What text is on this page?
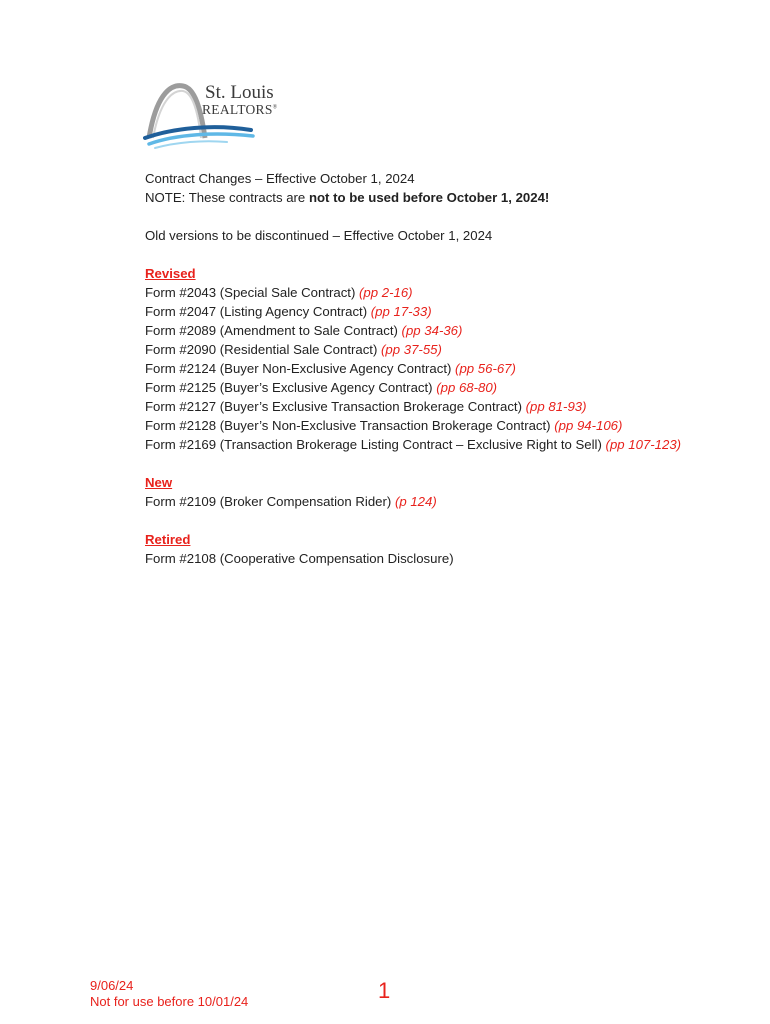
St. Louis
REALTORS®
Contract Changes – Effective October 1, 2024
NOTE: These contracts are not to be used before October 1, 2024!
Old versions to be discontinued – Effective October 1, 2024
Revised
Form #2043 (Special Sale Contract) (pp 2-16)
Form #2047 (Listing Agency Contract) (pp 17-33)
Form #2089 (Amendment to Sale Contract) (pp 34-36)
Form #2090 (Residential Sale Contract) (pp 37-55)
Form #2124 (Buyer Non-Exclusive Agency Contract) (pp 56-67)
Form #2125 (Buyer’s Exclusive Agency Contract) (pp 68-80)
Form #2127 (Buyer’s Exclusive Transaction Brokerage Contract) (pp 81-93)
Form #2128 (Buyer’s Non-Exclusive Transaction Brokerage Contract) (pp 94-106)
Form #2169 (Transaction Brokerage Listing Contract – Exclusive Right to Sell) (pp 107-123)
New
Form #2109 (Broker Compensation Rider) (p 124)
Retired
Form #2108 (Cooperative Compensation Disclosure)
9/06/24
Not for use before 10/01/24	1
